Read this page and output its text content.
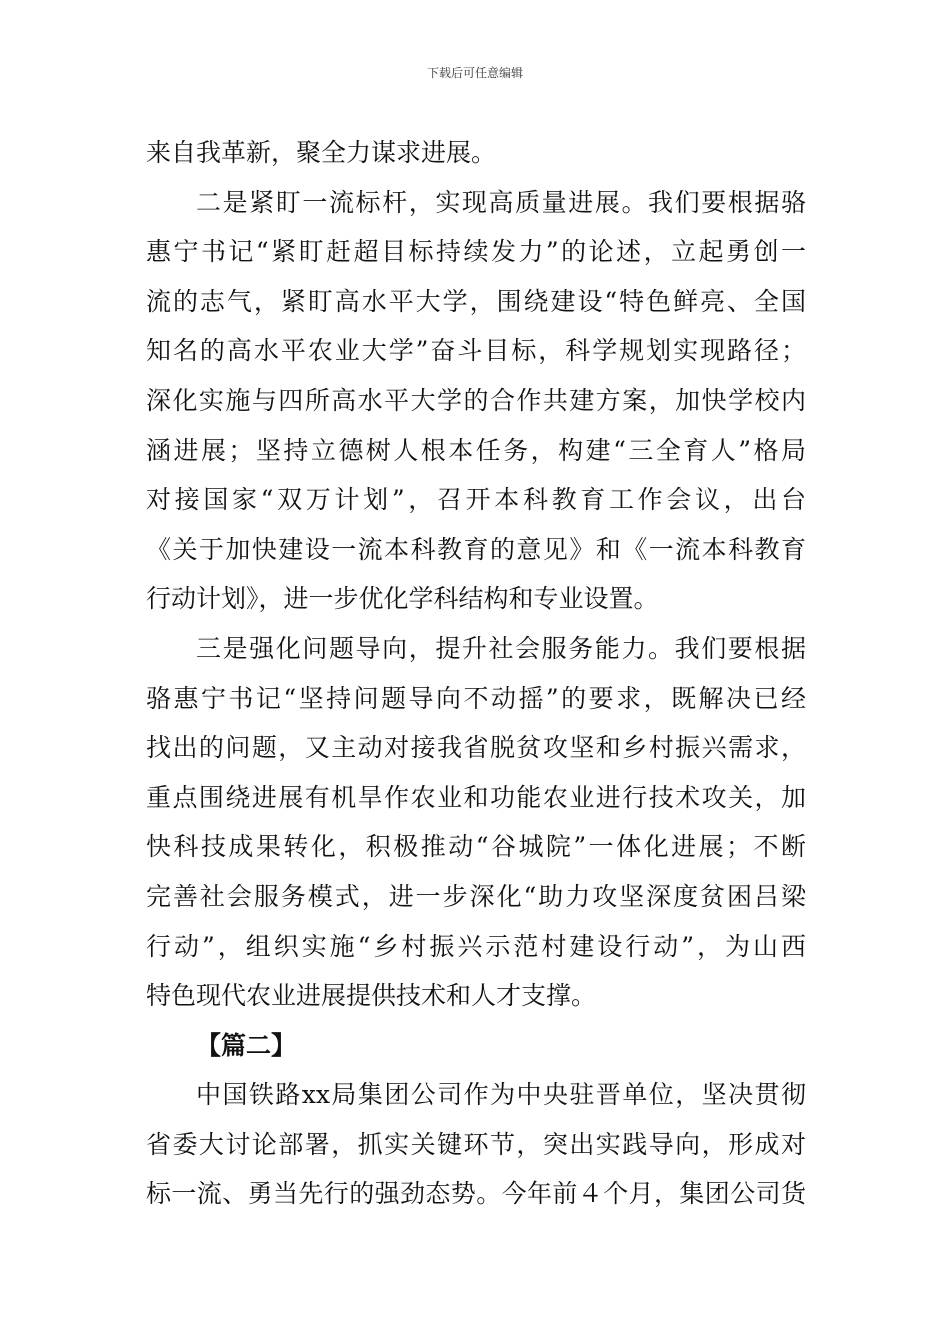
下载后可任意编辑
来自我革新，聚全力谋求进展。
二是紧盯一流标杆，实现高质量进展。我们要根据骆
惠宁书记“紧盯赶超目标持续发力”的论述，立起勇创一
流的志气，紧盯高水平大学，围绕建设“特色鲜亮、全国
知名的高水平农业大学”奋斗目标，科学规划实现路径；
深化实施与四所高水平大学的合作共建方案，加快学校内
涵进展；坚持立德树人根本任务，构建“三全育人”格局
对接国家“双万计划”，召开本科教育工作会议，出台
《关于加快建设一流本科教育的意见》和《一流本科教育
行动计划》，进一步优化学科结构和专业设置。
三是强化问题导向，提升社会服务能力。我们要根据
骆惠宁书记“坚持问题导向不动摇”的要求，既解决已经
找出的问题，又主动对接我省脱贫攻坚和乡村振兴需求，
重点围绕进展有机旱作农业和功能农业进行技术攻关，加
快科技成果转化，积极推动“谷城院”一体化进展；不断
完善社会服务模式，进一步深化“助力攻坚深度贫困吕梁
行动”，组织实施“乡村振兴示范村建设行动”，为山西
特色现代农业进展提供技术和人才支撑。
【篇二】
中国铁路xx局集团公司作为中央驻晋单位，坚决贯彻
省委大讨论部署，抓实关键环节，突出实践导向，形成对
标一流、勇当先行的强劲态势。今年前４个月，集团公司货
